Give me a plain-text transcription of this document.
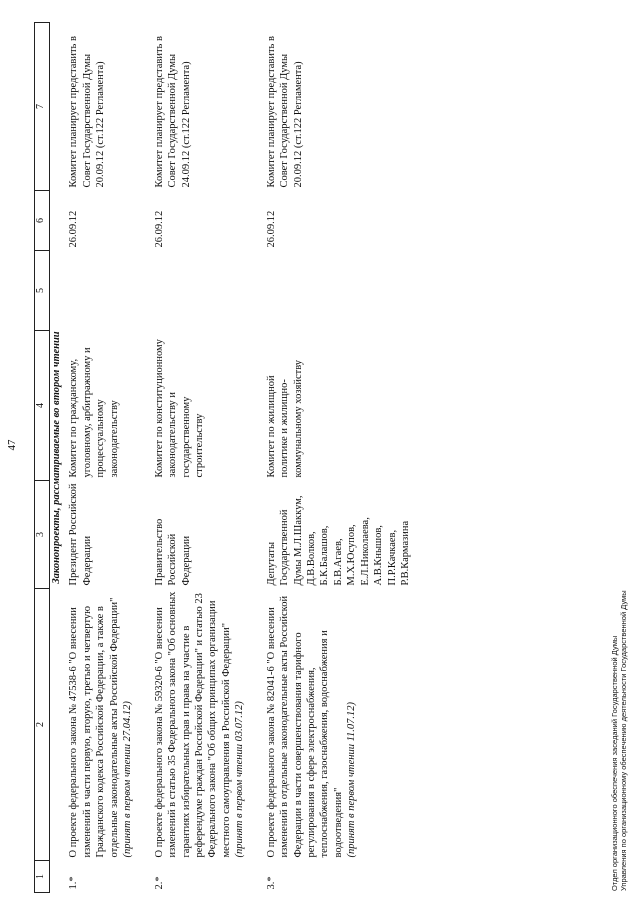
47
1	2	3	4	5	6	7
Законопроекты, рассматриваемые во втором чтении						
1.*	О проекте федерального закона № 47538-6 "О внесении изменений в части первую, вторую, третью и четвертую Гражданского кодекса Российской Федерации, а также в отдельные законодательные акты Российской Федерации" (принят в первом чтении 27.04.12)	Президент Российской Федерации	Комитет по гражданскому, уголовному, арбитражному и процессуальному законодательству		26.09.12	Комитет планирует представить в Совет Государственной Думы 20.09.12 (ст.122 Регламента)
2.*	О проекте федерального закона № 59320-6 "О внесении изменений в статью 35 Федерального закона "Об основных гарантиях избирательных прав и права на участие в референдуме граждан Российской Федерации" и статью 23 Федерального закона "Об общих принципах организации местного самоуправления в Российской Федерации" (принят в первом чтении 03.07.12)	Правительство Российской Федерации	Комитет по конституционному законодательству и государственному строительству		26.09.12	Комитет планирует представить в Совет Государственной Думы 24.09.12 (ст.122 Регламента)
3.*	О проекте федерального закона № 82041-6 "О внесении изменений в отдельные законодательные акты Российской Федерации в части совершенствования тарифного регулирования в сфере электроснабжения, теплоснабжения, газоснабжения, водоснабжения и водоотведения" (принят в первом чтении 11.07.12)	Депутаты Государственной Думы М.Л.Шаккум, Д.В.Волков, Б.К.Балашов, Б.В.Агаев, М.Х.Юсупов, Е.Л.Николаева, А.В.Кнышов, П.Р.Качкаев, Р.В.Кармазина	Комитет по жилищной политике и жилищно-коммунальному хозяйству		26.09.12	Комитет планирует представить в Совет Государственной Думы 20.09.12 (ст.122 Регламента)
Отдел организационного обеспечения заседаний Государственной Думы Управления по организационному обеспечению деятельности Государственной Думы
